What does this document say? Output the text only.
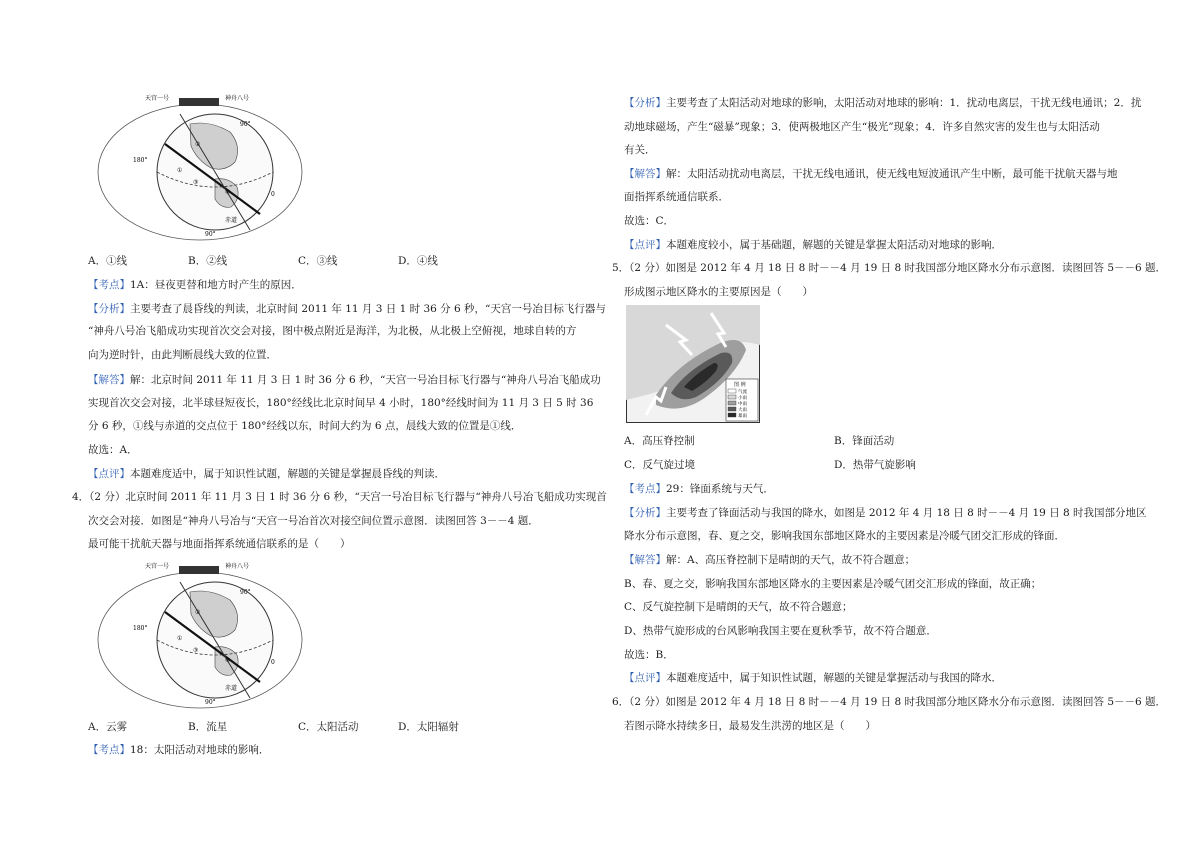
天宫一号	神舟八号
180°
90°
90°
①
②
③
④	0
赤道
A．①线	B．②线	C．③线	D．④线
【考点】1A：昼夜更替和地方时产生的原因．
【分析】主要考查了晨昏线的判读，北京时间 2011 年 11 月 3 日 1 时 36 分 6 秒，“天宫一号冶目标飞行器与
“神舟八号冶飞船成功实现首次交会对接，图中极点附近是海洋，为北极，从北极上空俯视，地球自转的方
向为逆时针，由此判断晨线大致的位置．
【解答】解：北京时间 2011 年 11 月 3 日 1 时 36 分 6 秒，“天宫一号冶目标飞行器与“神舟八号冶飞船成功
实现首次交会对接，北半球昼短夜长，180°经线比北京时间早 4 小时，180°经线时间为 11 月 3 日 5 时 36
分 6 秒，①线与赤道的交点位于 180°经线以东，时间大约为 6 点，晨线大致的位置是①线．
故选：A．
【点评】本题难度适中，属于知识性试题，解题的关键是掌握晨昏线的判读．
4．（2 分）北京时间 2011 年 11 月 3 日 1 时 36 分 6 秒，“天宫一号冶目标飞行器与“神舟八号冶飞船成功实现首
次交会对接．如图是“神舟八号冶与“天宫一号冶首次对接空间位置示意图．读图回答 3－－4 题．
最可能干扰航天器与地面指挥系统通信联系的是（　　）
天宫一号	神舟八号
180°
90°
90°
①
②
③
④	0
赤道
A．云雾	B．流星	C．太阳活动	D．太阳辐射
【考点】18：太阳活动对地球的影响．
【分析】主要考查了太阳活动对地球的影响，太阳活动对地球的影响：1．扰动电离层，干扰无线电通讯；2．扰
动地球磁场，产生“磁暴”现象；3．使两极地区产生“极光”现象；4．许多自然灾害的发生也与太阳活动
有关．
【解答】解：太阳活动扰动电离层，干扰无线电通讯，使无线电短波通讯产生中断，最可能干扰航天器与地
面指挥系统通信联系．
故选：C．
【点评】本题难度较小，属于基础题，解题的关键是掌握太阳活动对地球的影响．
5．（2 分）如图是 2012 年 4 月 18 日 8 时－－4 月 19 日 8 时我国部分地区降水分布示意图．读图回答 5－－6 题．
形成图示地区降水的主要原因是（　　）
图 例
气流
小雨
中雨
大雨
暴雨
A．高压脊控制	B．锋面活动
C．反气旋过境	D．热带气旋影响
【考点】29：锋面系统与天气．
【分析】主要考查了锋面活动与我国的降水，如图是 2012 年 4 月 18 日 8 时－－4 月 19 日 8 时我国部分地区
降水分布示意图，春、夏之交，影响我国东部地区降水的主要因素是冷暖气团交汇形成的锋面．
【解答】解：A、高压脊控制下是晴朗的天气，故不符合题意；
B、春、夏之交，影响我国东部地区降水的主要因素是冷暖气团交汇形成的锋面，故正确；
C、反气旋控制下是晴朗的天气，故不符合题意；
D、热带气旋形成的台风影响我国主要在夏秋季节，故不符合题意．
故选：B．
【点评】本题难度适中，属于知识性试题，解题的关键是掌握活动与我国的降水．
6．（2 分）如图是 2012 年 4 月 18 日 8 时－－4 月 19 日 8 时我国部分地区降水分布示意图．读图回答 5－－6 题．
若图示降水持续多日，最易发生洪涝的地区是（　　）
